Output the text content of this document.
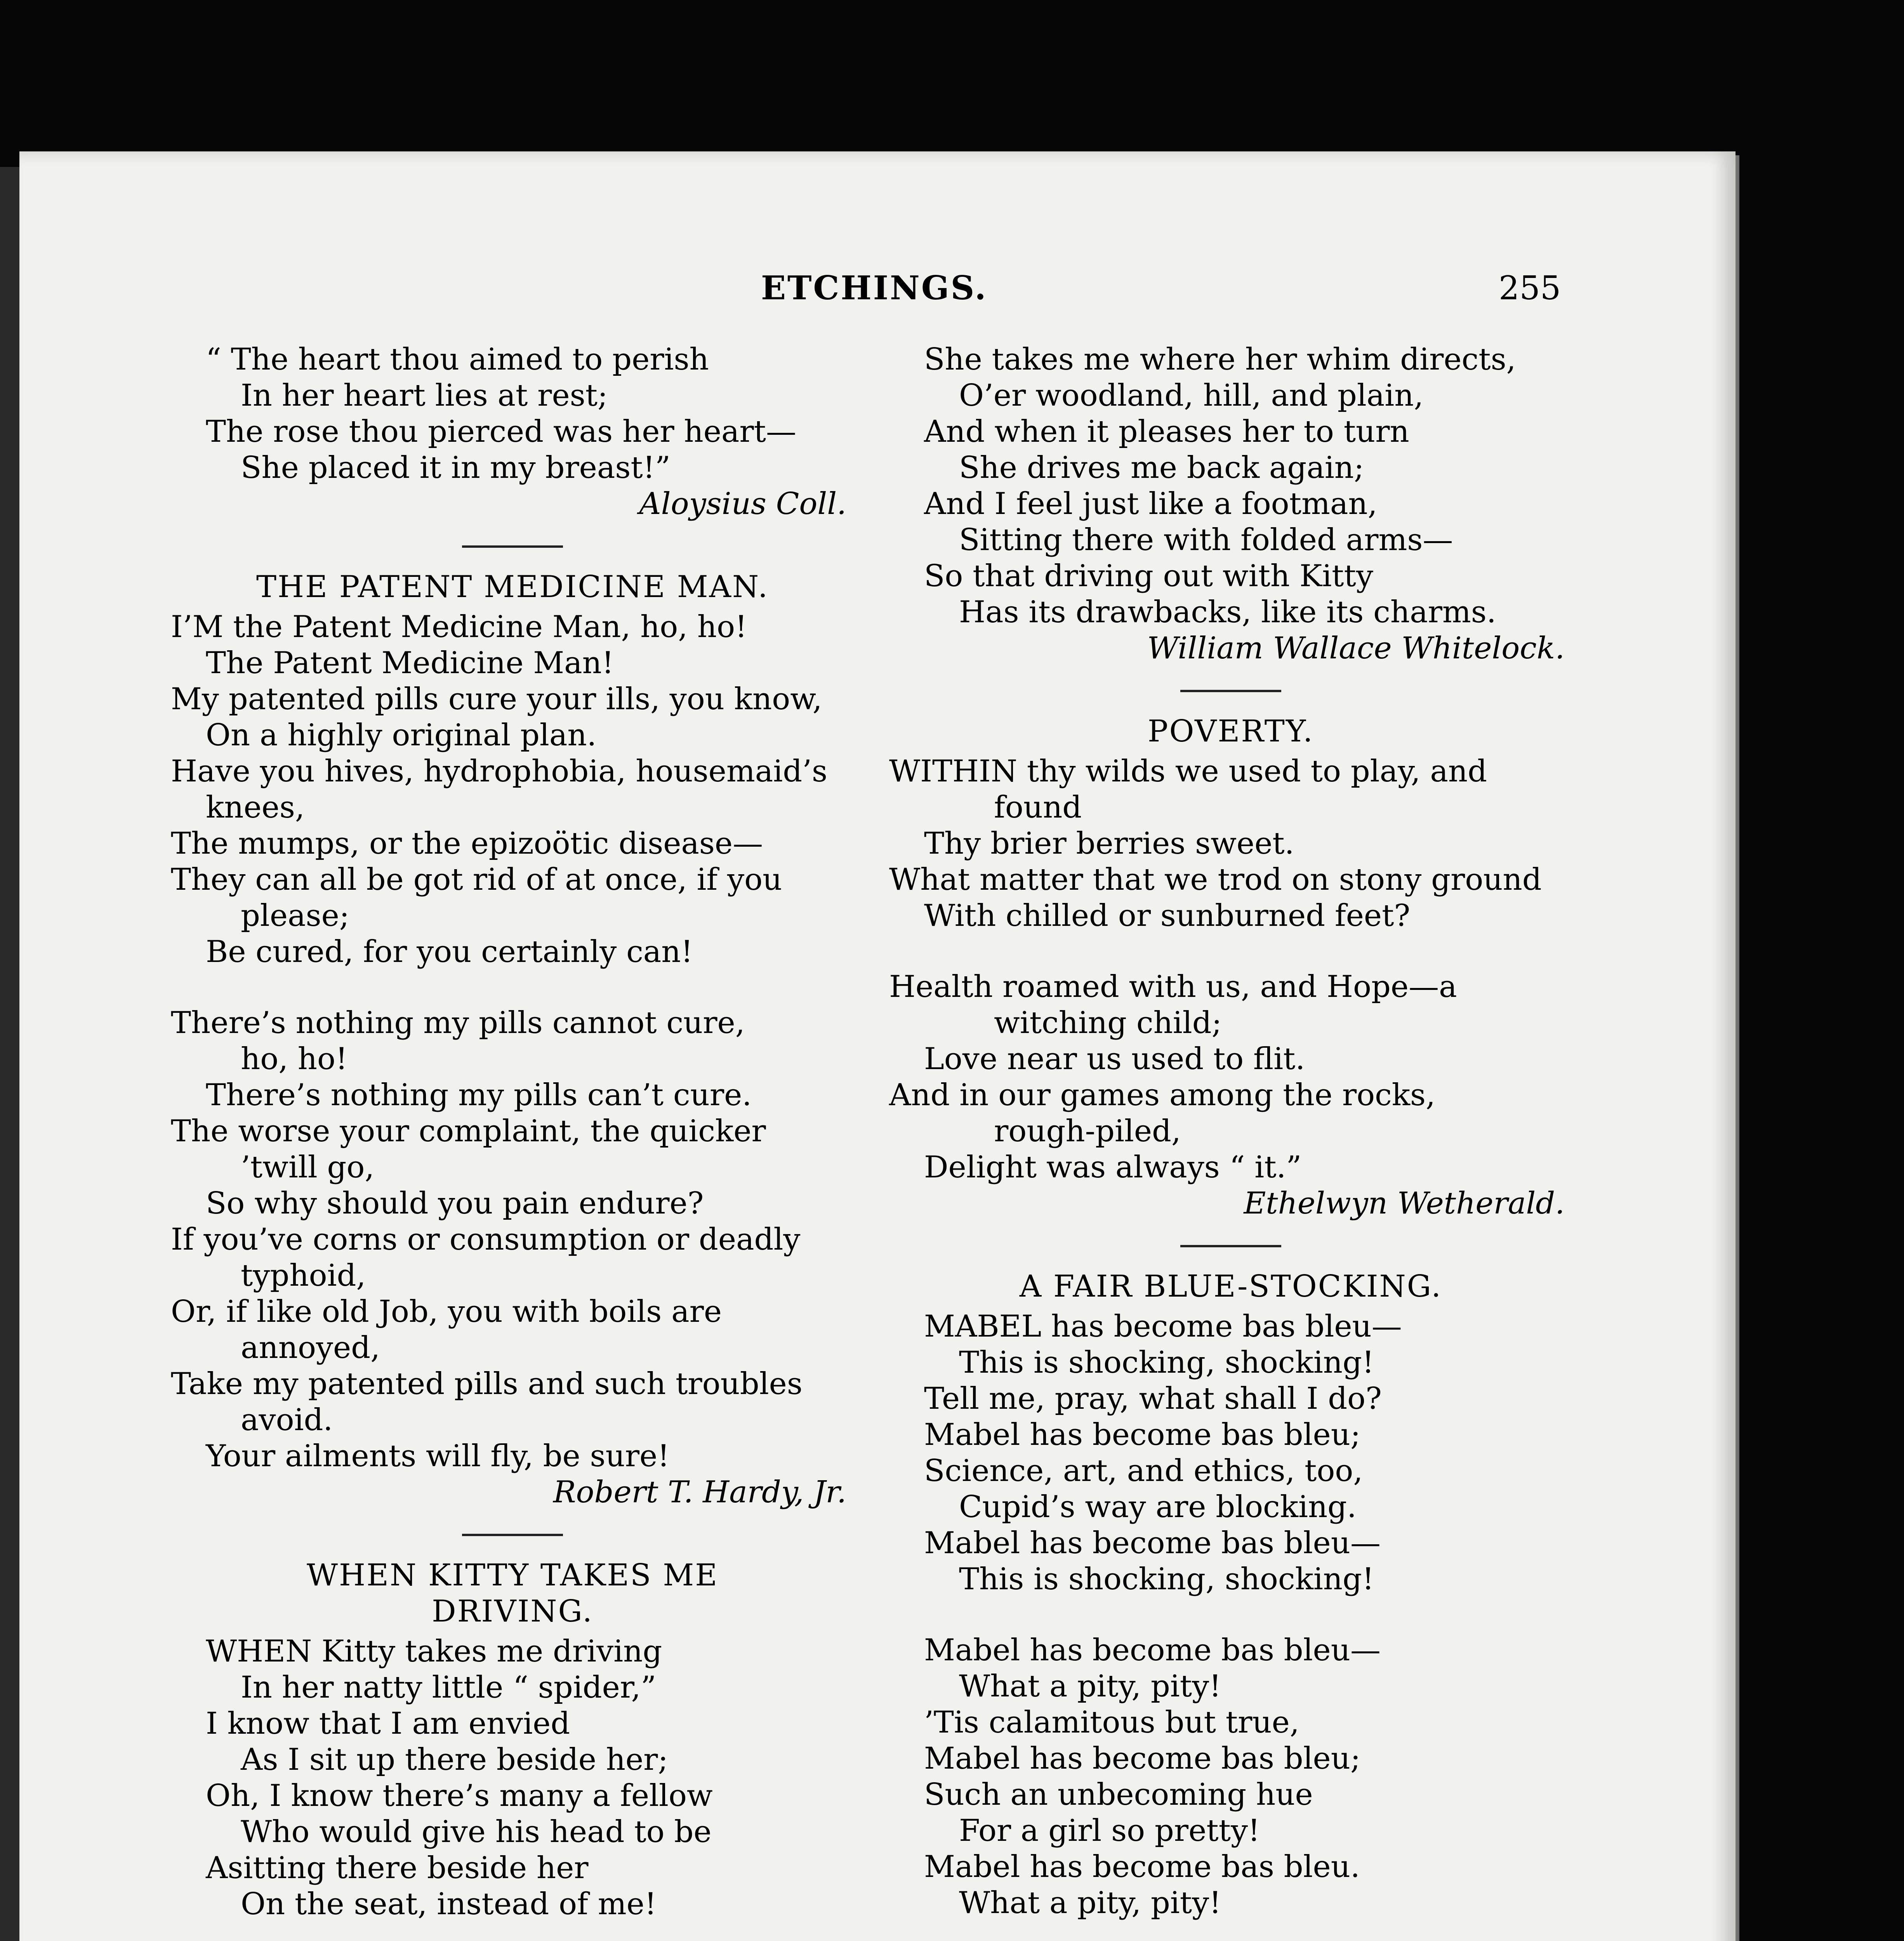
ETCHINGS.	255
“ The heart thou aimed to perish
In her heart lies at rest;
The rose thou pierced was her heart—
She placed it in my breast!”
Aloysius Coll.
THE PATENT MEDICINE MAN.
I’M the Patent Medicine Man, ho, ho!
The Patent Medicine Man!
My patented pills cure your ills, you know,
On a highly original plan.
Have you hives, hydrophobia, housemaid’s
knees,
The mumps, or the epizoötic disease—
They can all be got rid of at once, if you
please;
Be cured, for you certainly can!
There’s nothing my pills cannot cure,
ho, ho!
There’s nothing my pills can’t cure.
The worse your complaint, the quicker
’twill go,
So why should you pain endure?
If you’ve corns or consumption or deadly
typhoid,
Or, if like old Job, you with boils are
annoyed,
Take my patented pills and such troubles
avoid.
Your ailments will fly, be sure!
Robert T. Hardy, Jr.
WHEN KITTY TAKES ME
DRIVING.
WHEN Kitty takes me driving
In her natty little “ spider,”
I know that I am envied
As I sit up there beside her;
Oh, I know there’s many a fellow
Who would give his head to be
Asitting there beside her
On the seat, instead of me!
She takes me where her whim directs,
O’er woodland, hill, and plain,
And when it pleases her to turn
She drives me back again;
And I feel just like a footman,
Sitting there with folded arms—
So that driving out with Kitty
Has its drawbacks, like its charms.
William Wallace Whitelock.
POVERTY.
WITHIN thy wilds we used to play, and
found
Thy brier berries sweet.
What matter that we trod on stony ground
With chilled or sunburned feet?
Health roamed with us, and Hope—a
witching child;
Love near us used to flit.
And in our games among the rocks,
rough-piled,
Delight was always “ it.”
Ethelwyn Wetherald.
A FAIR BLUE-STOCKING.
MABEL has become bas bleu—
This is shocking, shocking!
Tell me, pray, what shall I do?
Mabel has become bas bleu;
Science, art, and ethics, too,
Cupid’s way are blocking.
Mabel has become bas bleu—
This is shocking, shocking!
Mabel has become bas bleu—
What a pity, pity!
’Tis calamitous but true,
Mabel has become bas bleu;
Such an unbecoming hue
For a girl so pretty!
Mabel has become bas bleu.
What a pity, pity!
